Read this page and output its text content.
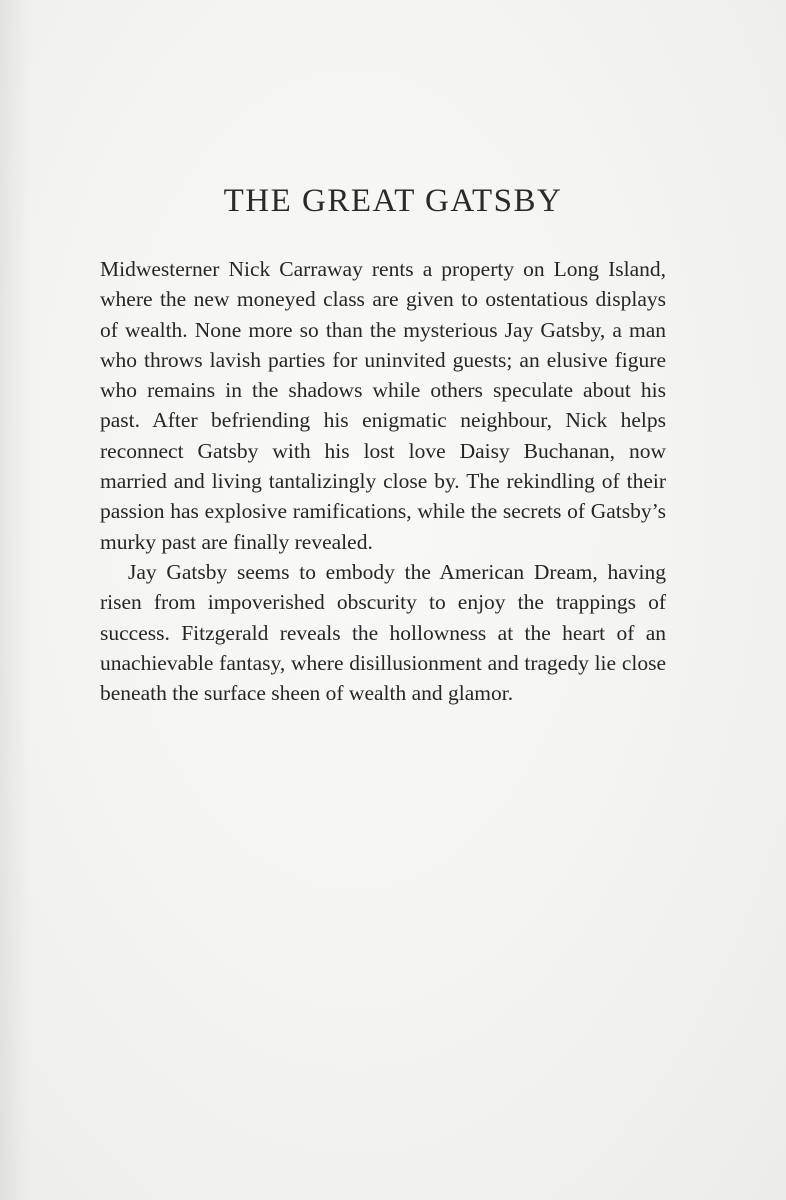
THE GREAT GATSBY

Midwesterner Nick Carraway rents a property on Long Island, where the new moneyed class are given to ostentatious displays of wealth. None more so than the mysterious Jay Gatsby, a man who throws lavish parties for uninvited guests; an elusive figure who remains in the shadows while others speculate about his past. After befriending his enigmatic neighbour, Nick helps reconnect Gatsby with his lost love Daisy Buchanan, now married and living tantalizingly close by. The rekindling of their passion has explosive ramifications, while the secrets of Gatsby’s murky past are finally revealed.

Jay Gatsby seems to embody the American Dream, having risen from impoverished obscurity to enjoy the trappings of success. Fitzgerald reveals the hollowness at the heart of an unachievable fantasy, where disillusionment and tragedy lie close beneath the surface sheen of wealth and glamor.
